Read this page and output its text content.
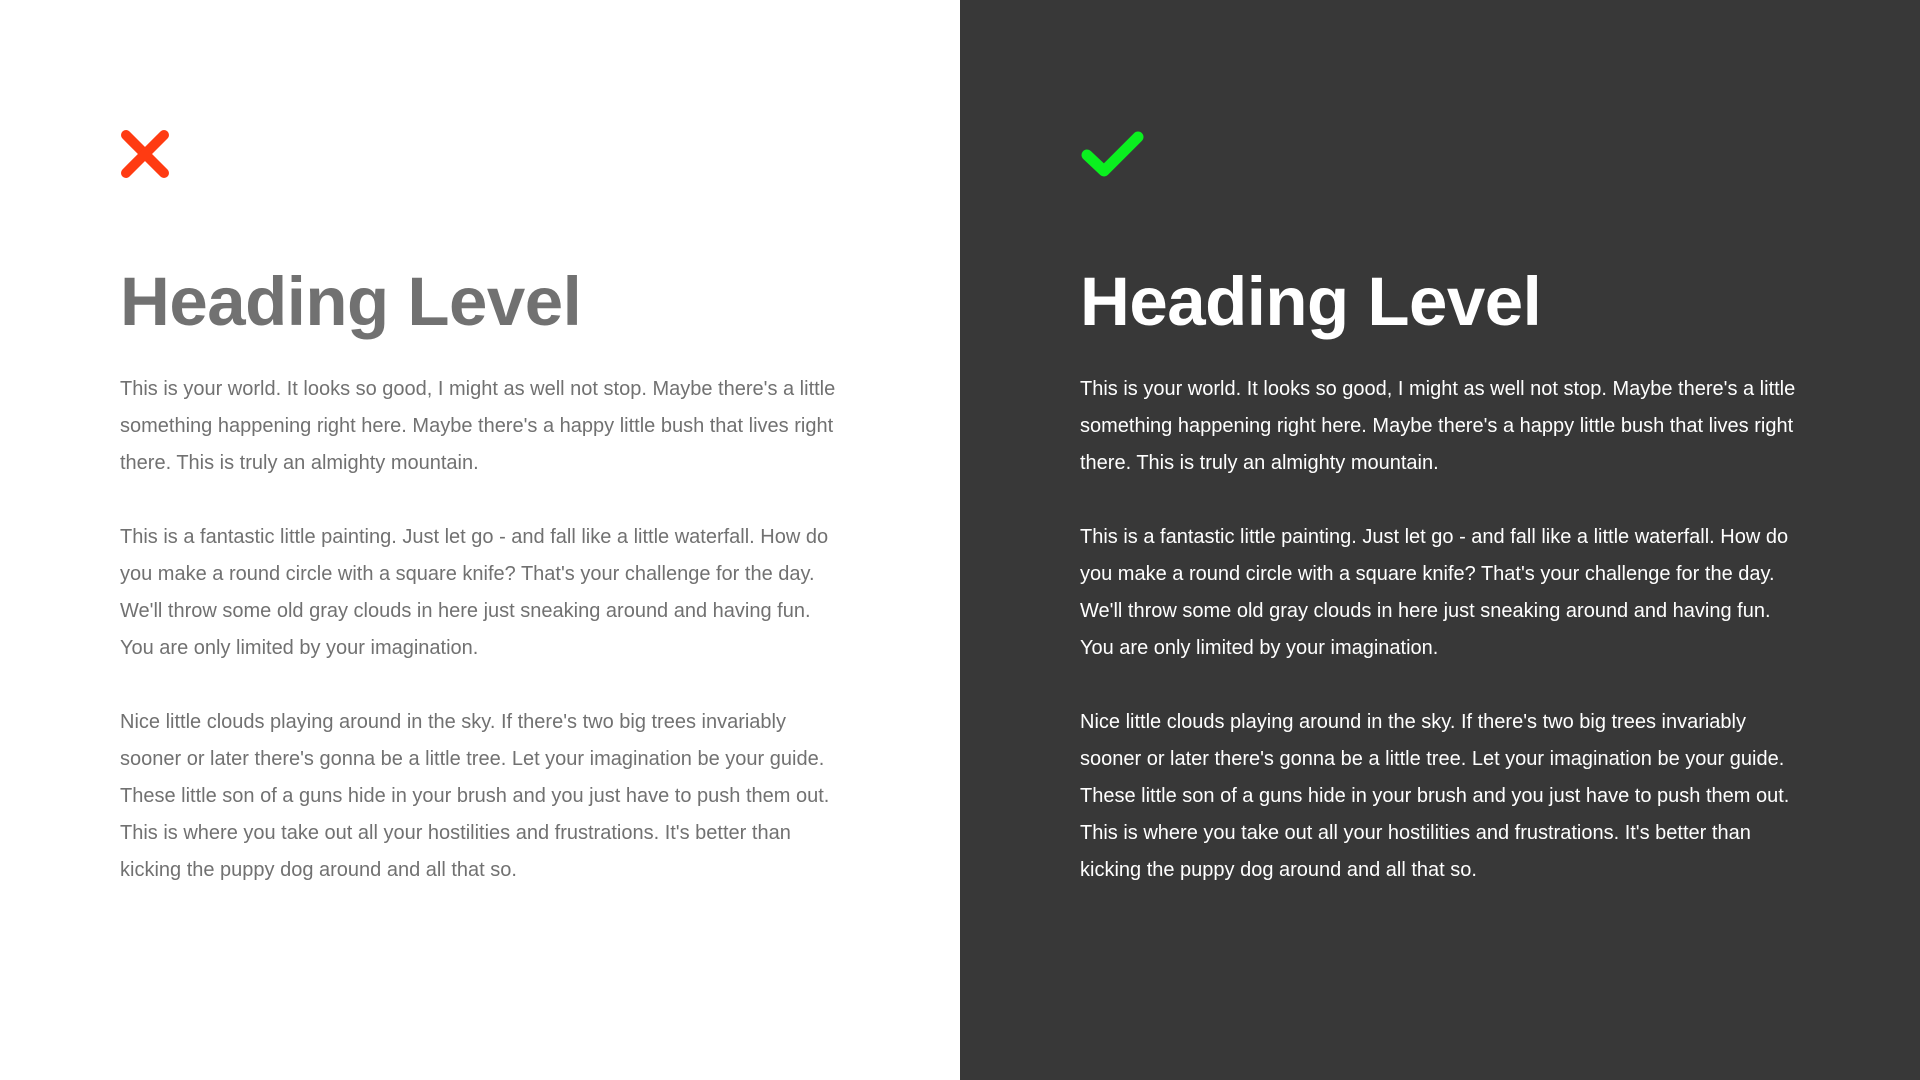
Heading Level

This is your world. It looks so good, I might as well not stop. Maybe there's a little something happening right here. Maybe there's a happy little bush that lives right there. This is truly an almighty mountain.

This is a fantastic little painting. Just let go - and fall like a little waterfall. How do you make a round circle with a square knife? That's your challenge for the day. We'll throw some old gray clouds in here just sneaking around and having fun. You are only limited by your imagination.

Nice little clouds playing around in the sky. If there's two big trees invariably sooner or later there's gonna be a little tree. Let your imagination be your guide. These little son of a guns hide in your brush and you just have to push them out. This is where you take out all your hostilities and frustrations. It's better than kicking the puppy dog around and all that so.

Heading Level

This is your world. It looks so good, I might as well not stop. Maybe there's a little something happening right here. Maybe there's a happy little bush that lives right there. This is truly an almighty mountain.

This is a fantastic little painting. Just let go - and fall like a little waterfall. How do you make a round circle with a square knife? That's your challenge for the day. We'll throw some old gray clouds in here just sneaking around and having fun. You are only limited by your imagination.

Nice little clouds playing around in the sky. If there's two big trees invariably sooner or later there's gonna be a little tree. Let your imagination be your guide. These little son of a guns hide in your brush and you just have to push them out. This is where you take out all your hostilities and frustrations. It's better than kicking the puppy dog around and all that so.
